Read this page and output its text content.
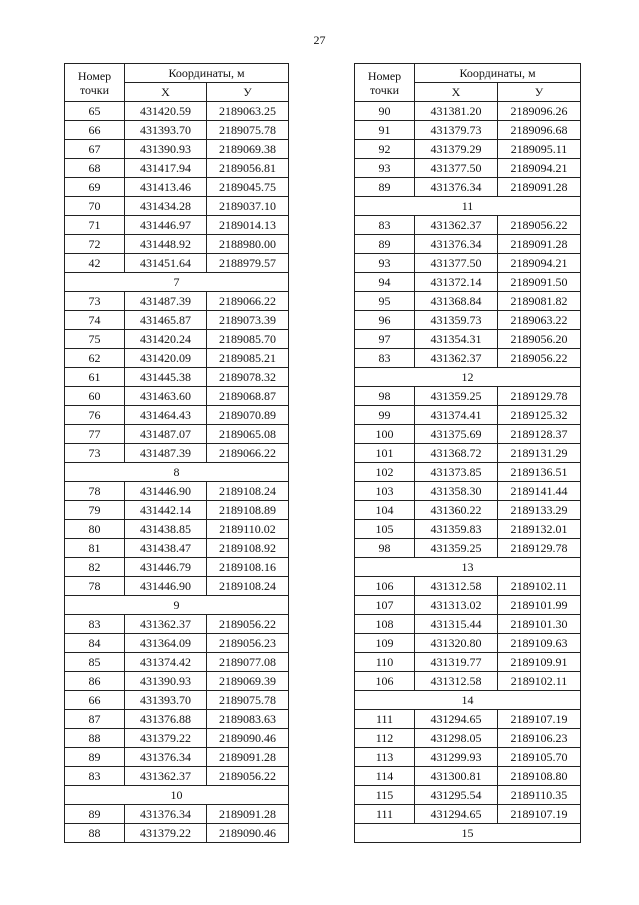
27
Номер точки	Координаты, м	
	Х	У
65	431420.59	2189063.25
66	431393.70	2189075.78
67	431390.93	2189069.38
68	431417.94	2189056.81
69	431413.46	2189045.75
70	431434.28	2189037.10
71	431446.97	2189014.13
72	431448.92	2188980.00
42	431451.64	2188979.57
7		
73	431487.39	2189066.22
74	431465.87	2189073.39
75	431420.24	2189085.70
62	431420.09	2189085.21
61	431445.38	2189078.32
60	431463.60	2189068.87
76	431464.43	2189070.89
77	431487.07	2189065.08
73	431487.39	2189066.22
8		
78	431446.90	2189108.24
79	431442.14	2189108.89
80	431438.85	2189110.02
81	431438.47	2189108.92
82	431446.79	2189108.16
78	431446.90	2189108.24
9		
83	431362.37	2189056.22
84	431364.09	2189056.23
85	431374.42	2189077.08
86	431390.93	2189069.39
66	431393.70	2189075.78
87	431376.88	2189083.63
88	431379.22	2189090.46
89	431376.34	2189091.28
83	431362.37	2189056.22
10		
89	431376.34	2189091.28
88	431379.22	2189090.46
Номер точки	Координаты, м	
	Х	У
90	431381.20	2189096.26
91	431379.73	2189096.68
92	431379.29	2189095.11
93	431377.50	2189094.21
89	431376.34	2189091.28
11		
83	431362.37	2189056.22
89	431376.34	2189091.28
93	431377.50	2189094.21
94	431372.14	2189091.50
95	431368.84	2189081.82
96	431359.73	2189063.22
97	431354.31	2189056.20
83	431362.37	2189056.22
12		
98	431359.25	2189129.78
99	431374.41	2189125.32
100	431375.69	2189128.37
101	431368.72	2189131.29
102	431373.85	2189136.51
103	431358.30	2189141.44
104	431360.22	2189133.29
105	431359.83	2189132.01
98	431359.25	2189129.78
13		
106	431312.58	2189102.11
107	431313.02	2189101.99
108	431315.44	2189101.30
109	431320.80	2189109.63
110	431319.77	2189109.91
106	431312.58	2189102.11
14		
111	431294.65	2189107.19
112	431298.05	2189106.23
113	431299.93	2189105.70
114	431300.81	2189108.80
115	431295.54	2189110.35
111	431294.65	2189107.19
15		
